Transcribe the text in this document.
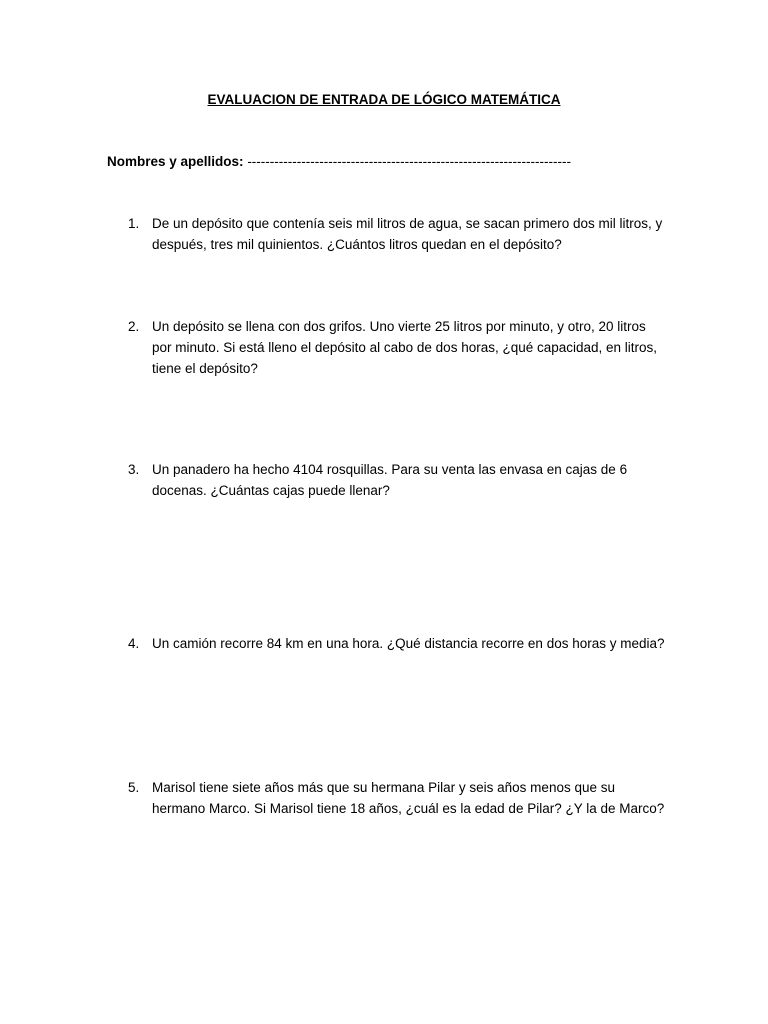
EVALUACION DE ENTRADA DE LÓGICO MATEMÁTICA
Nombres y apellidos: ------------------------------------------------------------------------
1. De un depósito que contenía seis mil litros de agua, se sacan primero dos mil litros, y después, tres mil quinientos. ¿Cuántos litros quedan en el depósito?
2. Un depósito se llena con dos grifos. Uno vierte 25 litros por minuto, y otro, 20 litros por minuto. Si está lleno el depósito al cabo de dos horas, ¿qué capacidad, en litros, tiene el depósito?
3. Un panadero ha hecho 4104 rosquillas. Para su venta las envasa en cajas de 6 docenas. ¿Cuántas cajas puede llenar?
4. Un camión recorre 84 km en una hora. ¿Qué distancia recorre en dos horas y media?
5. Marisol tiene siete años más que su hermana Pilar y seis años menos que su hermano Marco. Si Marisol tiene 18 años, ¿cuál es la edad de Pilar? ¿Y la de Marco?
